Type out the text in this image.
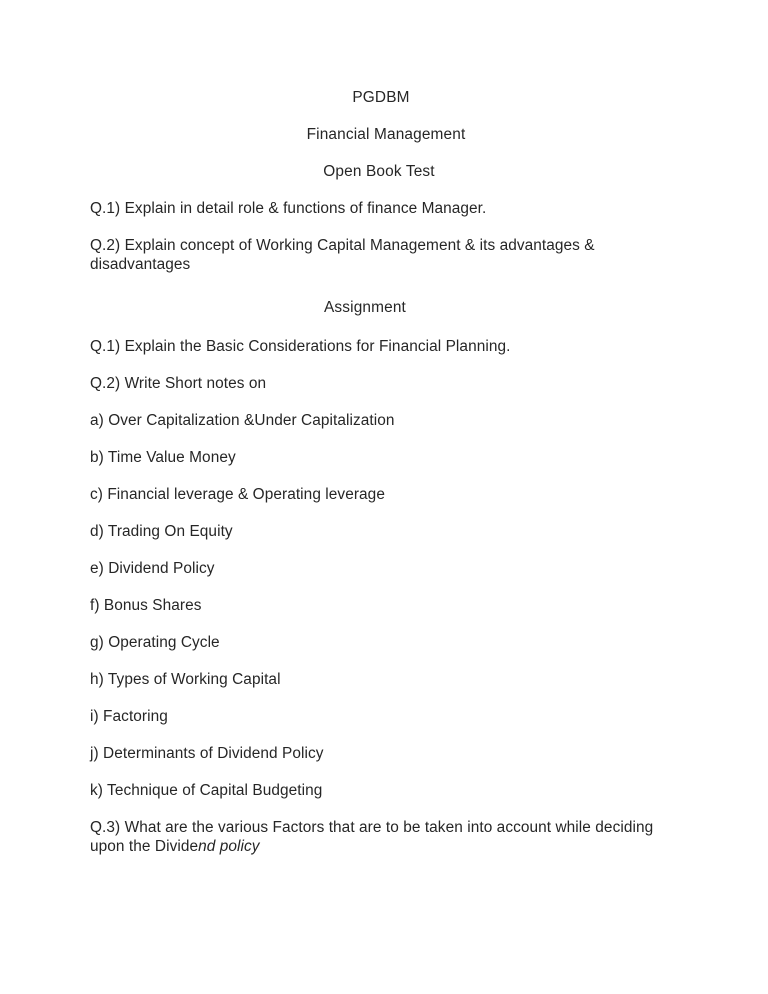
PGDBM

Financial Management

Open Book Test

Q.1) Explain in detail role & functions of finance Manager.

Q.2) Explain concept of Working Capital Management & its advantages & disadvantages

Assignment

Q.1) Explain the Basic Considerations for Financial Planning.

Q.2) Write Short notes on

a) Over Capitalization &Under Capitalization

b) Time Value Money

c) Financial leverage & Operating leverage

d) Trading On Equity

e) Dividend Policy

f) Bonus Shares

g) Operating Cycle

h) Types of Working Capital

i) Factoring

j) Determinants of Dividend Policy

k) Technique of Capital Budgeting

Q.3) What are the various Factors that are to be taken into account while deciding upon the Dividend policy
